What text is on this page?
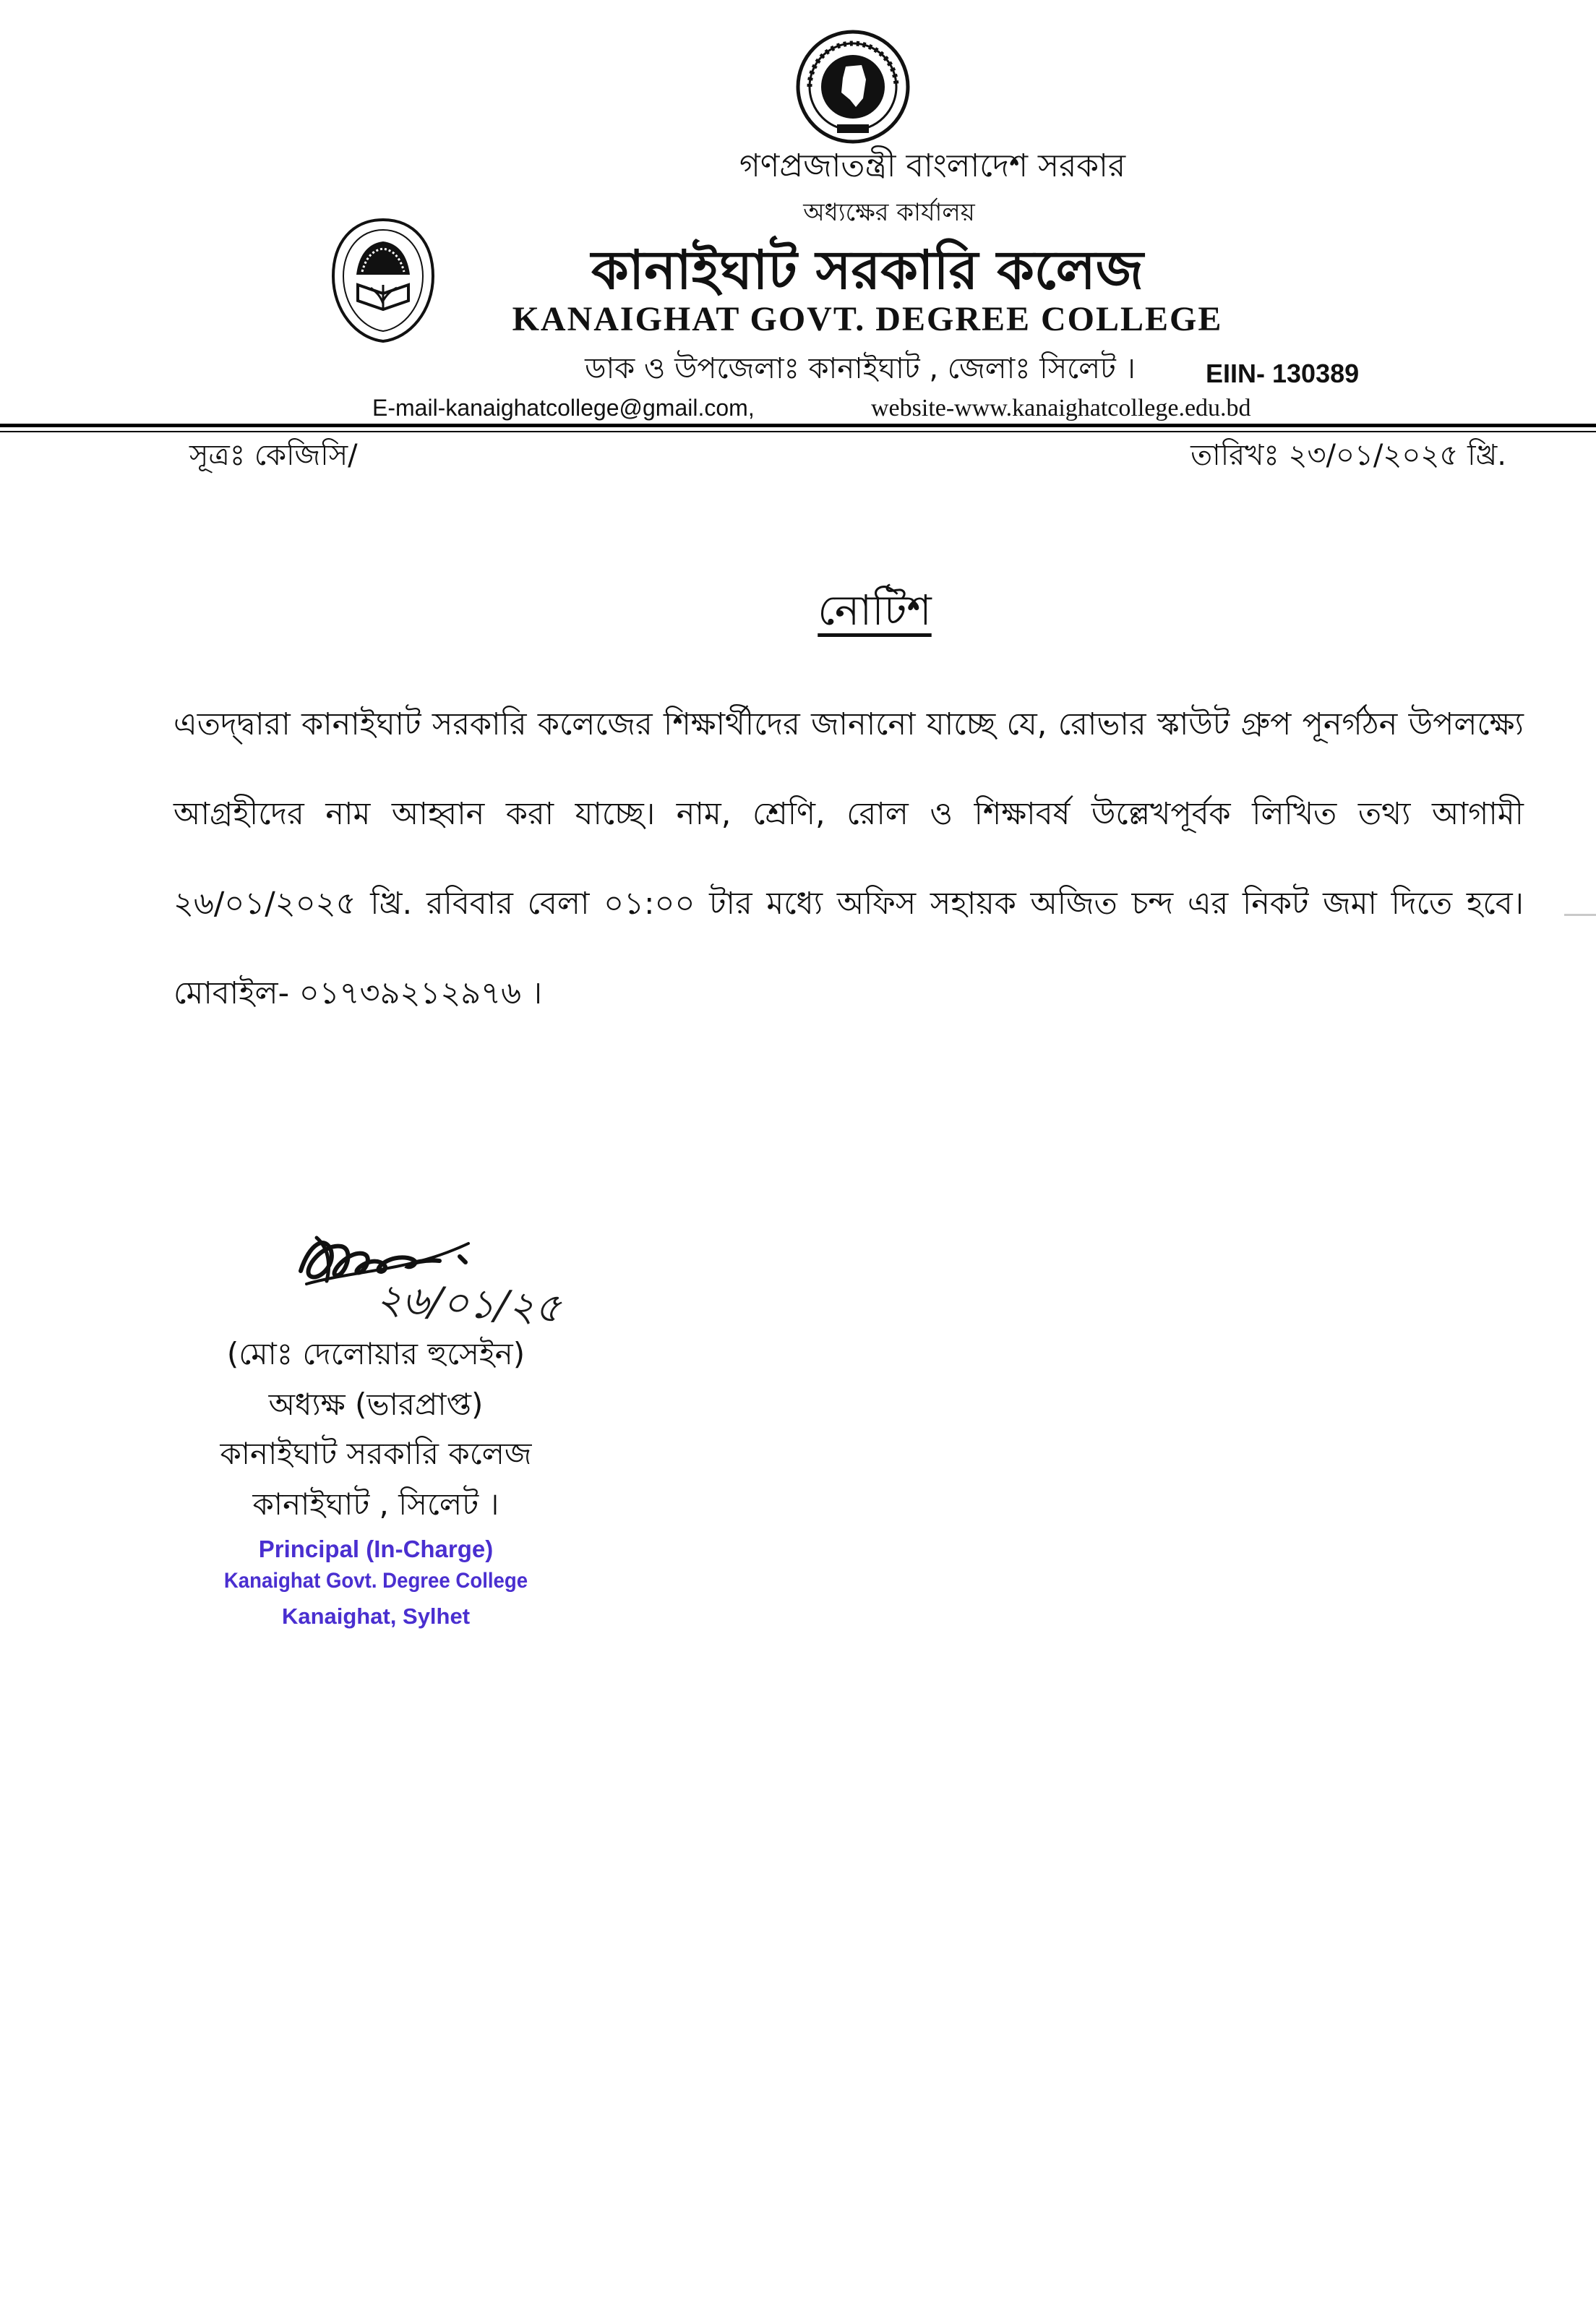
গণপ্রজাতন্ত্রী বাংলাদেশ সরকার
অধ্যক্ষের কার্যালয়
কানাইঘাট সরকারি কলেজ
KANAIGHAT GOVT. DEGREE COLLEGE
ডাক ও উপজেলাঃ কানাইঘাট , জেলাঃ সিলেট ।	EIIN- 130389
E-mail-kanaighatcollege@gmail.com,	website-www.kanaighatcollege.edu.bd
সূত্রঃ কেজিসি/	তারিখঃ ২৩/০১/২০২৫ খ্রি.
নোটিশ
এতদ্দ্বারা কানাইঘাট সরকারি কলেজের শিক্ষার্থীদের জানানো যাচ্ছে যে, রোভার স্কাউট গ্রুপ পূনর্গঠন উপলক্ষ্যে আগ্রহীদের নাম আহ্বান করা যাচ্ছে। নাম, শ্রেণি, রোল ও শিক্ষাবর্ষ উল্লেখপূর্বক লিখিত তথ্য আগামী ২৬/০১/২০২৫ খ্রি. রবিবার বেলা ০১:০০ টার মধ্যে অফিস সহায়ক অজিত চন্দ এর নিকট জমা দিতে হবে। মোবাইল- ০১৭৩৯২১২৯৭৬ ।
২৬/০১/২৫
(মোঃ দেলোয়ার হুসেইন)
অধ্যক্ষ (ভারপ্রাপ্ত)
কানাইঘাট সরকারি কলেজ
কানাইঘাট , সিলেট ।
Principal (In-Charge)
Kanaighat Govt. Degree College
Kanaighat, Sylhet
